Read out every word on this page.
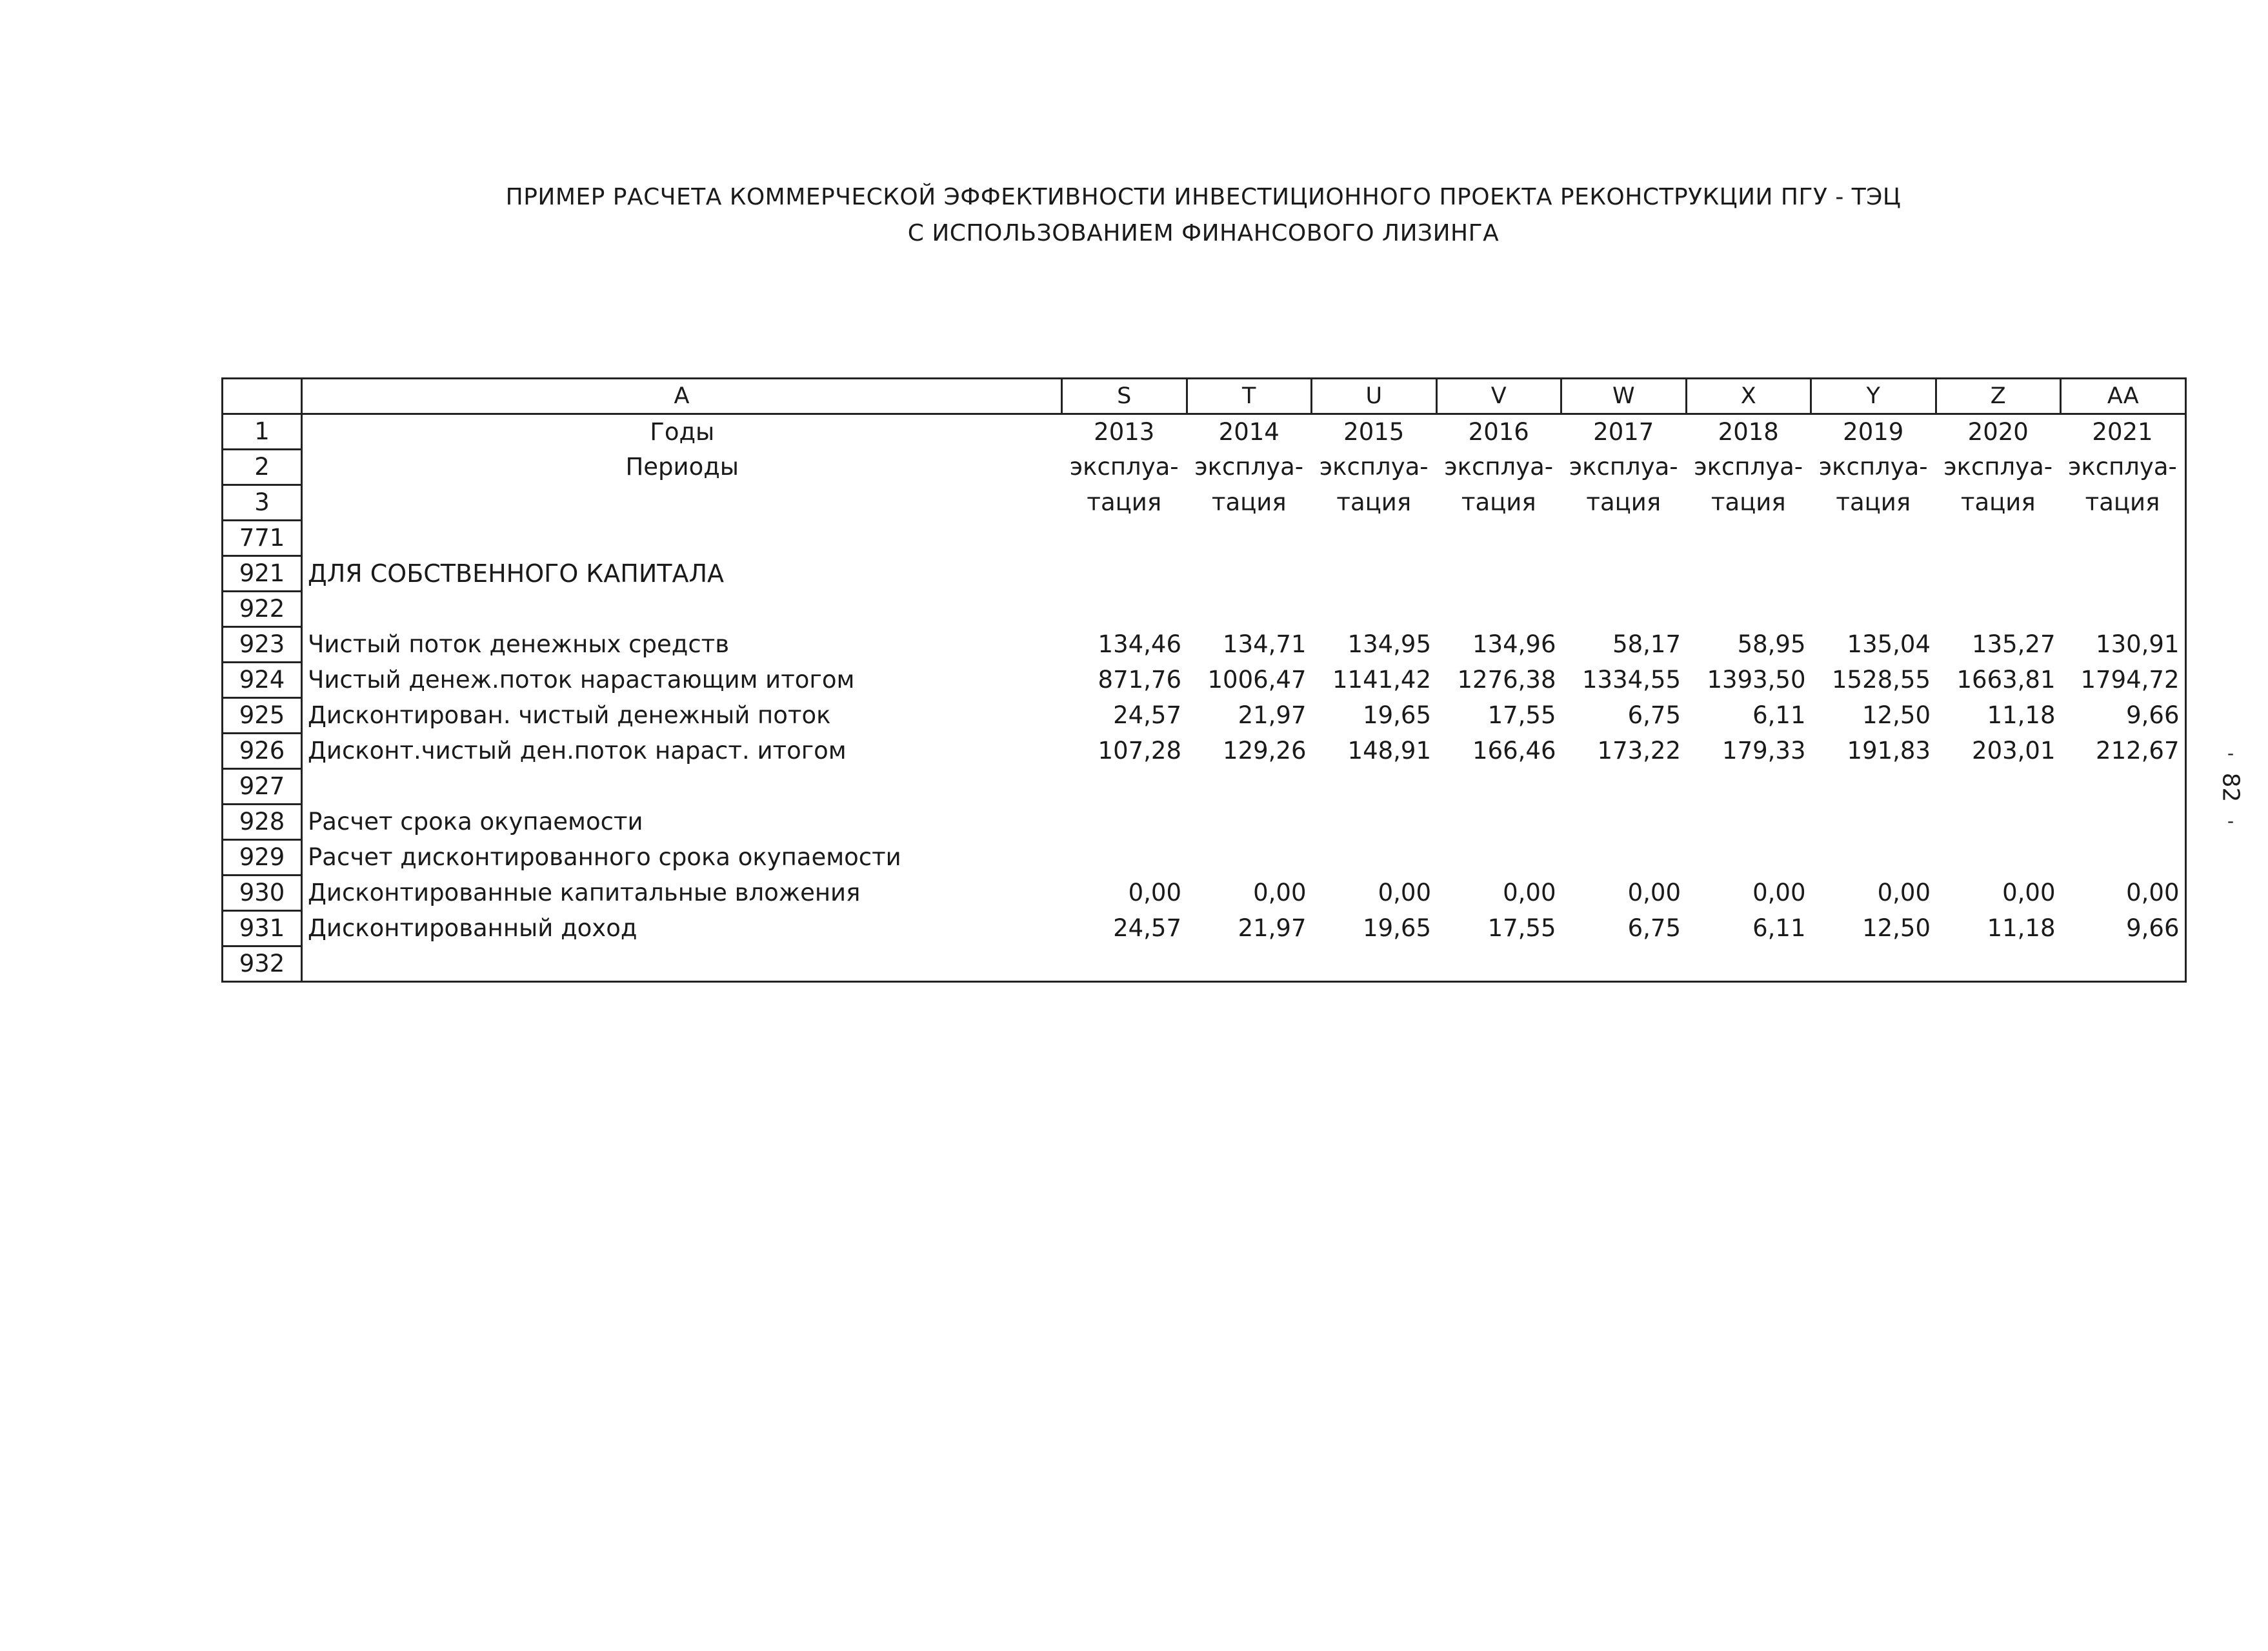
ПРИМЕР РАСЧЕТА КОММЕРЧЕСКОЙ ЭФФЕКТИВНОСТИ ИНВЕСТИЦИОННОГО ПРОЕКТА РЕКОНСТРУКЦИИ ПГУ - ТЭЦ
С ИСПОЛЬЗОВАНИЕМ ФИНАНСОВОГО ЛИЗИНГА
	A	S	T	U	V	W	X	Y	Z	AA
1	Годы	2013	2014	2015	2016	2017	2018	2019	2020	2021
2	Периоды	эксплуа-	эксплуа-	эксплуа-	эксплуа-	эксплуа-	эксплуа-	эксплуа-	эксплуа-	эксплуа-
3		тация	тация	тация	тация	тация	тация	тация	тация	тация
771										
921	ДЛЯ СОБСТВЕННОГО КАПИТАЛА									
922										
923	Чистый поток денежных средств	134,46	134,71	134,95	134,96	58,17	58,95	135,04	135,27	130,91
924	Чистый денеж.поток нарастающим итогом	871,76	1006,47	1141,42	1276,38	1334,55	1393,50	1528,55	1663,81	1794,72
925	Дисконтирован. чистый денежный поток	24,57	21,97	19,65	17,55	6,75	6,11	12,50	11,18	9,66
926	Дисконт.чистый ден.поток нараст. итогом	107,28	129,26	148,91	166,46	173,22	179,33	191,83	203,01	212,67
927										
928	Расчет срока окупаемости									
929	Расчет дисконтированного срока окупаемости									
930	Дисконтированные капитальные вложения	0,00	0,00	0,00	0,00	0,00	0,00	0,00	0,00	0,00
931	Дисконтированный доход	24,57	21,97	19,65	17,55	6,75	6,11	12,50	11,18	9,66
932										
-
82
-
